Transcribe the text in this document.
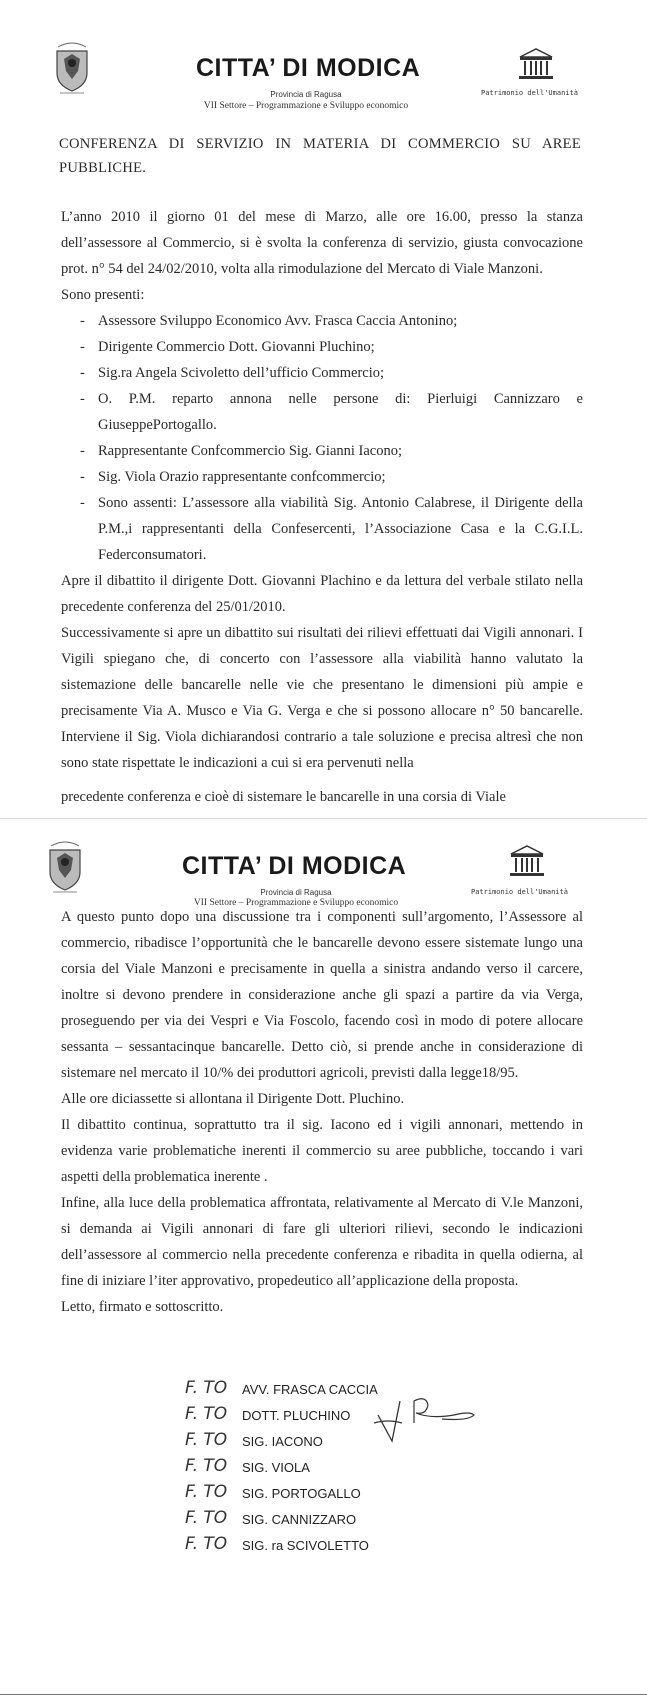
CITTA’ DI MODICA
Provincia di Ragusa
VII Settore – Programmazione e Sviluppo economico
Patrimonio dell'Umanità
CONFERENZA DI SERVIZIO IN MATERIA DI COMMERCIO SU AREE PUBBLICHE.

L’anno 2010 il giorno 01 del mese di Marzo, alle ore 16.00, presso la stanza dell’assessore al Commercio, si è svolta la conferenza di servizio, giusta convocazione prot. n° 54 del 24/02/2010, volta alla rimodulazione del Mercato di Viale Manzoni.

Sono presenti:

- Assessore Sviluppo Economico Avv. Frasca Caccia Antonino;
- Dirigente Commercio Dott. Giovanni Pluchino;
- Sig.ra Angela Scivoletto dell’ufficio Commercio;
- O. P.M. reparto annona nelle persone di: Pierluigi Cannizzaro e GiuseppePortogallo.
- Rappresentante Confcommercio Sig. Gianni Iacono;
- Sig. Viola Orazio rappresentante confcommercio;
- Sono assenti: L’assessore alla viabilità Sig. Antonio Calabrese, il Dirigente della P.M.,i rappresentanti della Confesercenti, l’Associazione Casa e la C.G.I.L. Federconsumatori.

Apre il dibattito il dirigente Dott. Giovanni Plachino e da lettura del verbale stilato nella precedente conferenza del 25/01/2010.

Successivamente si apre un dibattito sui risultati dei rilievi effettuati dai Vigili annonari. I Vigili spiegano che, di concerto con l’assessore alla viabilità hanno valutato la sistemazione delle bancarelle nelle vie che presentano le dimensioni più ampie e precisamente Via A. Musco e Via G. Verga e che si possono allocare n° 50 bancarelle. Interviene il Sig. Viola dichiarandosi contrario a tale soluzione e precisa altresì che non sono state rispettate le indicazioni a cui si era pervenuti nella

precedente conferenza e cioè di sistemare le bancarelle in una corsia di Viale
CITTA’ DI MODICA
Provincia di Ragusa
VII Settore – Programmazione e Sviluppo economico
Patrimonio dell'Umanità

A questo punto dopo una discussione tra i componenti sull’argomento, l’Assessore al commercio, ribadisce l’opportunità che le bancarelle devono essere sistemate lungo una corsia del Viale Manzoni e precisamente in quella a sinistra andando verso il carcere, inoltre si devono prendere in considerazione anche gli spazi a partire da via Verga, proseguendo per via dei Vespri e Via Foscolo, facendo così in modo di potere allocare sessanta – sessantacinque bancarelle. Detto ciò, si prende anche in considerazione di sistemare nel mercato il 10/% dei produttori agricoli, previsti dalla legge18/95.

Alle ore diciassette si allontana il Dirigente Dott. Pluchino.

Il dibattito continua, soprattutto tra il sig. Iacono ed i vigili annonari, mettendo in evidenza varie problematiche inerenti il commercio su aree pubbliche, toccando i vari aspetti della problematica inerente .

Infine, alla luce della problematica affrontata, relativamente al Mercato di V.le Manzoni, si demanda ai Vigili annonari di fare gli ulteriori rilievi, secondo le indicazioni dell’assessore al commercio nella precedente conferenza e ribadita in quella odierna, al fine di iniziare l’iter approvativo, propedeutico all’applicazione della proposta.

Letto, firmato e sottoscritto.

F. TO AVV. FRASCA CACCIA
F. TO DOTT. PLUCHINO
F. TO SIG. IACONO
F. TO SIG. VIOLA
F. TO SIG. PORTOGALLO
F. TO SIG. CANNIZZARO
F. TO SIG. ra SCIVOLETTO
